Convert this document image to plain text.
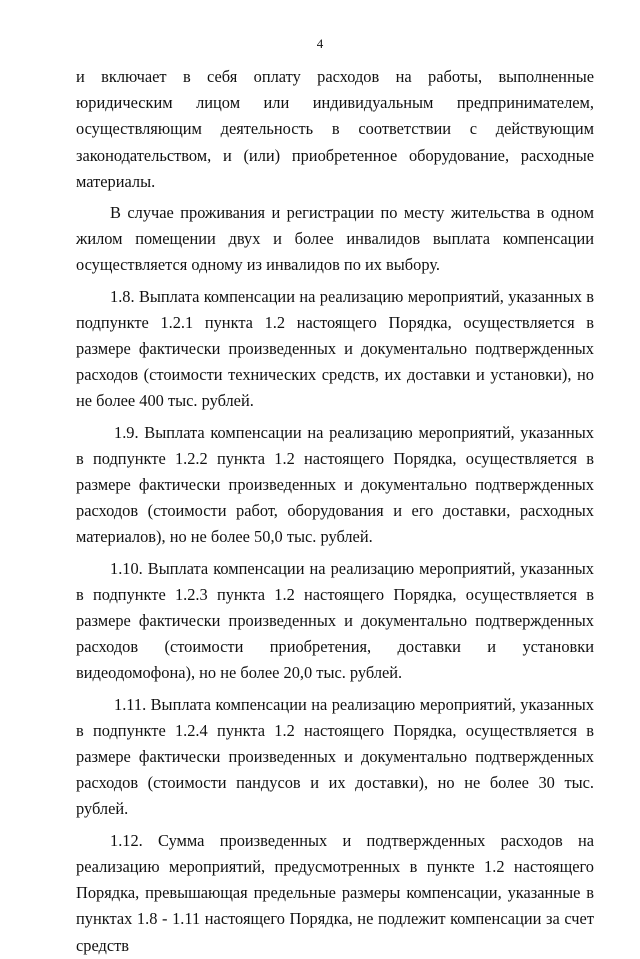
4

и включает в себя оплату расходов на работы, выполненные юридическим лицом или индивидуальным предпринимателем, осуществляющим деятельность в соответствии с действующим законодательством, и (или) приобретенное оборудование, расходные материалы.

В случае проживания и регистрации по месту жительства в одном жилом помещении двух и более инвалидов выплата компенсации осуществляется одному из инвалидов по их выбору.

1.8. Выплата компенсации на реализацию мероприятий, указанных в подпункте 1.2.1 пункта 1.2 настоящего Порядка, осуществляется в размере фактически произведенных и документально подтвержденных расходов (стоимости технических средств, их доставки и установки), но не более 400 тыс. рублей.

1.9. Выплата компенсации на реализацию мероприятий, указанных в подпункте 1.2.2 пункта 1.2 настоящего Порядка, осуществляется в размере фактически произведенных и документально подтвержденных расходов (стоимости работ, оборудования и его доставки, расходных материалов), но не более 50,0 тыс. рублей.

1.10. Выплата компенсации на реализацию мероприятий, указанных в подпункте 1.2.3 пункта 1.2 настоящего Порядка, осуществляется в размере фактически произведенных и документально подтвержденных расходов (стоимости приобретения, доставки и установки видеодомофона), но не более 20,0 тыс. рублей.

1.11. Выплата компенсации на реализацию мероприятий, указанных в подпункте 1.2.4 пункта 1.2 настоящего Порядка, осуществляется в размере фактически произведенных и документально подтвержденных расходов (стоимости пандусов и их доставки), но не более 30 тыс. рублей.

1.12. Сумма произведенных и подтвержденных расходов на реализацию мероприятий, предусмотренных в пункте 1.2 настоящего Порядка, превышающая предельные размеры компенсации, указанные в пунктах 1.8 - 1.11 настоящего Порядка, не подлежит компенсации за счет средств
